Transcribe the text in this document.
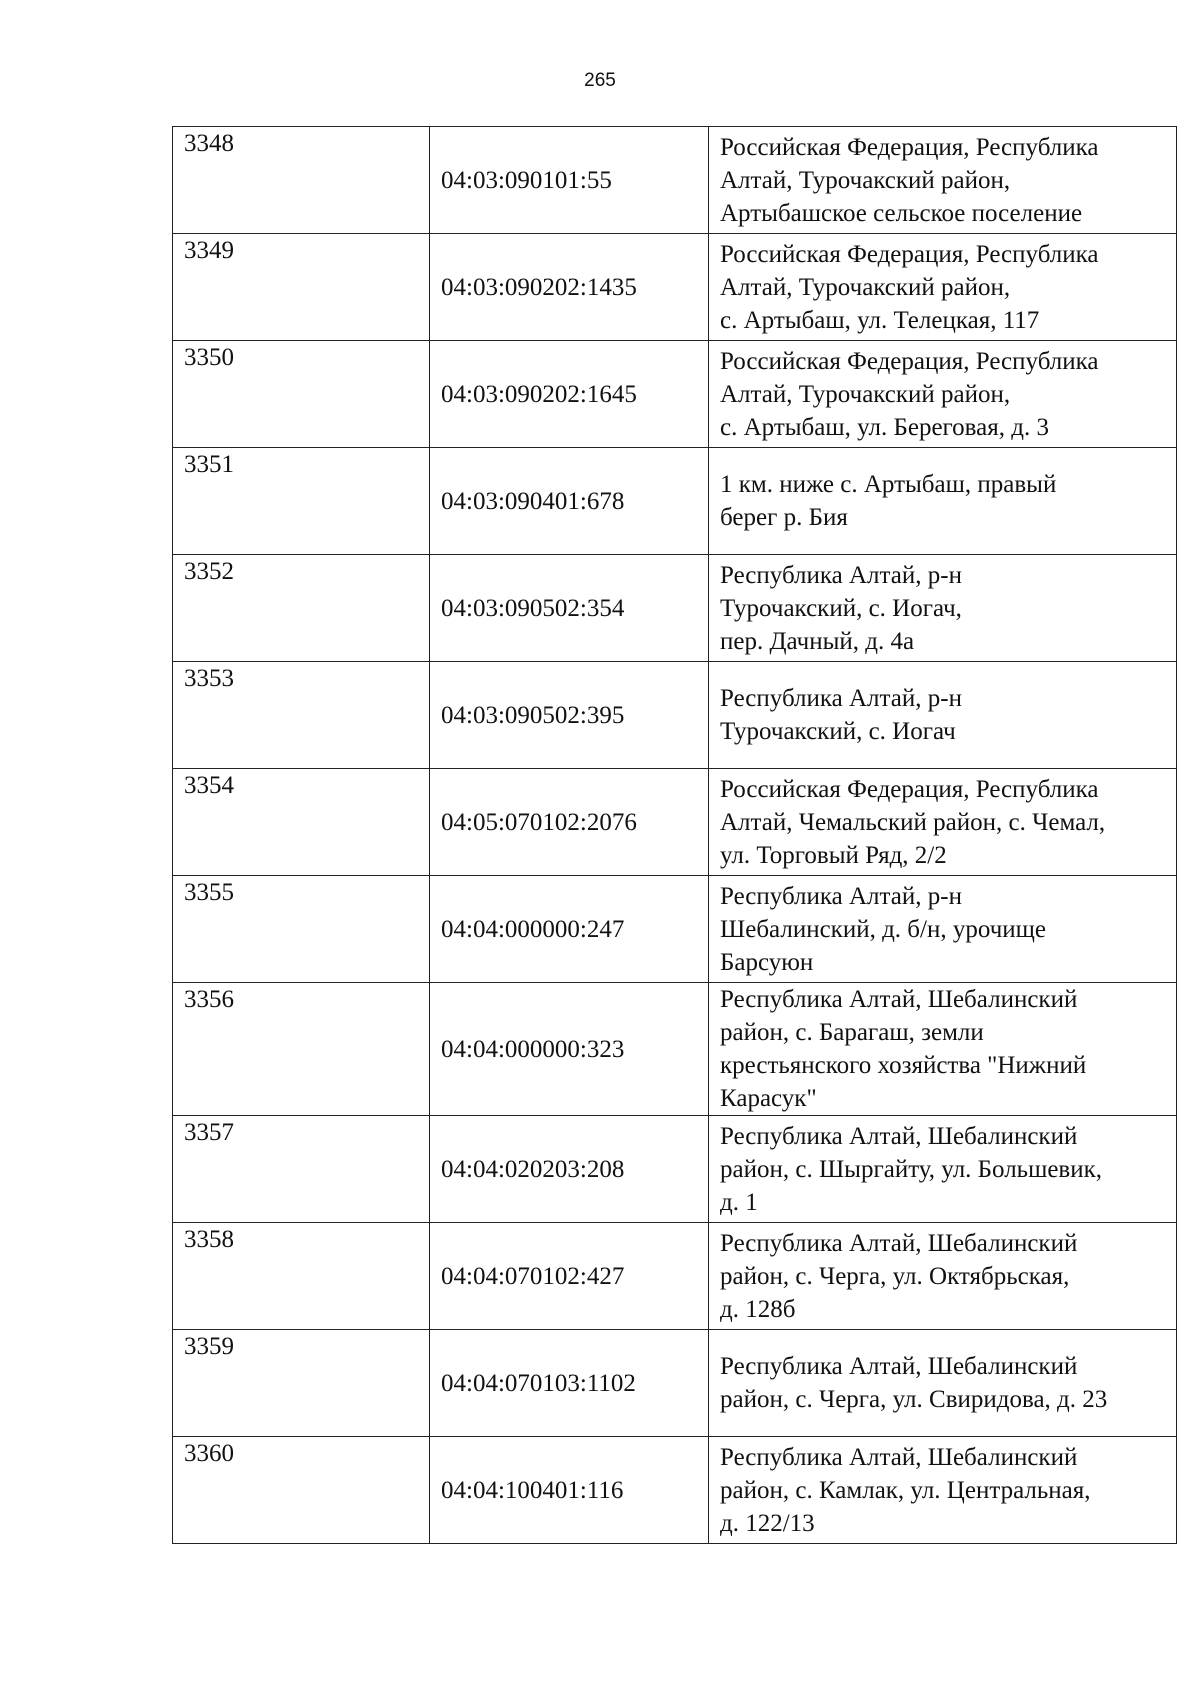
265
3348	04:03:090101:55	Российская Федерация, Республика
Алтай, Турочакский район,
Артыбашское сельское поселение

3349	04:03:090202:1435	Российская Федерация, Республика
Алтай, Турочакский район,
с. Артыбаш, ул. Телецкая, 117

3350	04:03:090202:1645	Российская Федерация, Республика
Алтай, Турочакский район,
с. Артыбаш, ул. Береговая, д. 3

3351	04:03:090401:678	1 км. ниже с. Артыбаш, правый
берег р. Бия

3352	04:03:090502:354	Республика Алтай, р-н
Турочакский, с. Иогач,
пер. Дачный, д. 4а

3353	04:03:090502:395	Республика Алтай, р-н
Турочакский, с. Иогач

3354	04:05:070102:2076	Российская Федерация, Республика
Алтай, Чемальский район, с. Чемал,
ул. Торговый Ряд, 2/2

3355	04:04:000000:247	Республика Алтай, р-н
Шебалинский, д. б/н, урочище
Барсуюн

3356	04:04:000000:323	Республика Алтай, Шебалинский
район, с. Барагаш, земли
крестьянского хозяйства "Нижний
Карасук"

3357	04:04:020203:208	Республика Алтай, Шебалинский
район, с. Шыргайту, ул. Большевик,
д. 1

3358	04:04:070102:427	Республика Алтай, Шебалинский
район, с. Черга, ул. Октябрьская,
д. 128б

3359	04:04:070103:1102	Республика Алтай, Шебалинский
район, с. Черга, ул. Свиридова, д. 23

3360	04:04:100401:116	Республика Алтай, Шебалинский
район, с. Камлак, ул. Центральная,
д. 122/13
